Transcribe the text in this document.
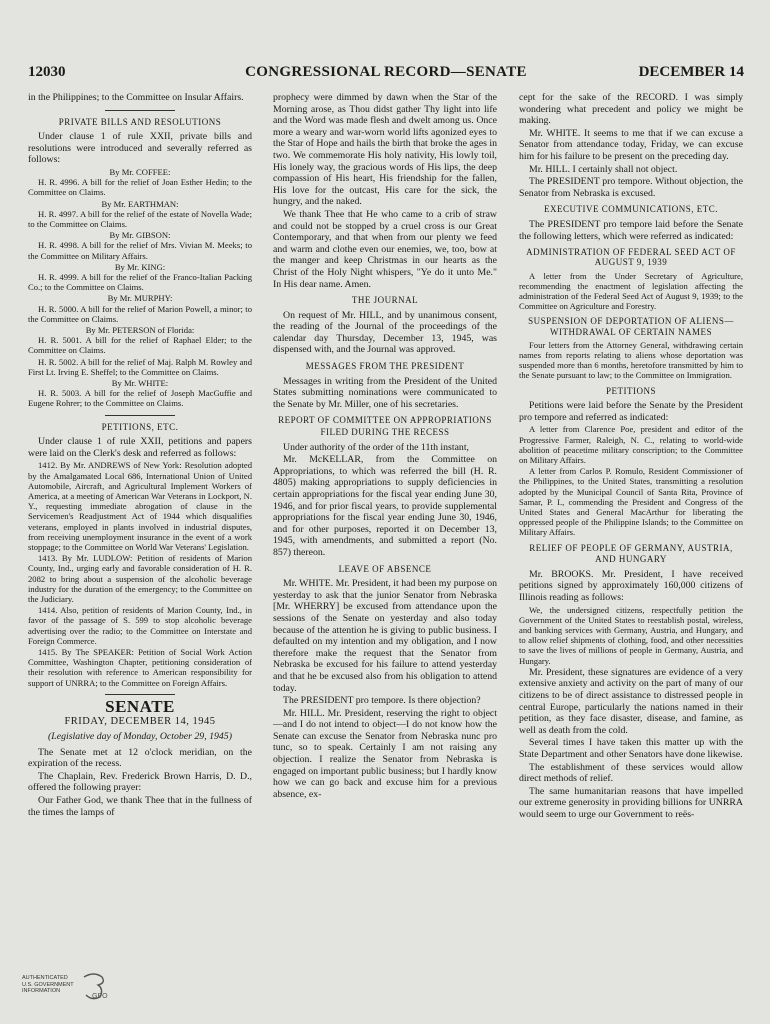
12030	CONGRESSIONAL RECORD—SENATE	DECEMBER 14

in the Philippines; to the Committee on Insular Affairs.

PRIVATE BILLS AND RESOLUTIONS

Under clause 1 of rule XXII, private bills and resolutions were introduced and severally referred as follows:

By Mr. COFFEE:

H. R. 4996. A bill for the relief of Joan Esther Hedin; to the Committee on Claims.

By Mr. EARTHMAN:

H. R. 4997. A bill for the relief of the estate of Novella Wade; to the Committee on Claims.

By Mr. GIBSON:

H. R. 4998. A bill for the relief of Mrs. Vivian M. Meeks; to the Committee on Military Affairs.

By Mr. KING:

H. R. 4999. A bill for the relief of the Franco-Italian Packing Co.; to the Committee on Claims.

By Mr. MURPHY:

H. R. 5000. A bill for the relief of Marion Powell, a minor; to the Committee on Claims.

By Mr. PETERSON of Florida:

H. R. 5001. A bill for the relief of Raphael Elder; to the Committee on Claims.

H. R. 5002. A bill for the relief of Maj. Ralph M. Rowley and First Lt. Irving E. Sheffel; to the Committee on Claims.

By Mr. WHITE:

H. R. 5003. A bill for the relief of Joseph MacGuffie and Eugene Rohrer; to the Committee on Claims.

PETITIONS, ETC.

Under clause 1 of rule XXII, petitions and papers were laid on the Clerk's desk and referred as follows:

1412. By Mr. ANDREWS of New York: Resolution adopted by the Amalgamated Local 686, International Union of United Automobile, Aircraft, and Agricultural Implement Workers of America, at a meeting of American War Veterans in Lockport, N. Y., requesting immediate abrogation of clause in the Servicemen's Readjustment Act of 1944 which disqualifies veterans, employed in plants involved in industrial disputes, from receiving unemployment insurance in the event of a work stoppage; to the Committee on World War Veterans' Legislation.

1413. By Mr. LUDLOW: Petition of residents of Marion County, Ind., urging early and favorable consideration of H. R. 2082 to bring about a suspension of the alcoholic beverage industry for the duration of the emergency; to the Committee on the Judiciary.

1414. Also, petition of residents of Marion County, Ind., in favor of the passage of S. 599 to stop alcoholic beverage advertising over the radio; to the Committee on Interstate and Foreign Commerce.

1415. By The SPEAKER: Petition of Social Work Action Committee, Washington Chapter, petitioning consideration of their resolution with reference to American responsibility for support of UNRRA; to the Committee on Foreign Affairs.

SENATE
FRIDAY, DECEMBER 14, 1945
(Legislative day of Monday, October 29, 1945)

The Senate met at 12 o'clock meridian, on the expiration of the recess.

The Chaplain, Rev. Frederick Brown Harris, D. D., offered the following prayer:

Our Father God, we thank Thee that in the fullness of the times the lamps of

prophecy were dimmed by dawn when the Star of the Morning arose, as Thou didst gather Thy light into life and the Word was made flesh and dwelt among us. Once more a weary and war-worn world lifts agonized eyes to the Star of Hope and hails the birth that broke the ages in two. We commemorate His holy nativity, His lowly toil, His lonely way, the gracious words of His lips, the deep compassion of His heart, His friendship for the fallen, His love for the outcast, His care for the sick, the hungry, and the naked.

We thank Thee that He who came to a crib of straw and could not be stopped by a cruel cross is our Great Contemporary, and that when from our plenty we feed and warm and clothe even our enemies, we, too, bow at the manger and keep Christmas in our hearts as the Christ of the Holy Night whispers, "Ye do it unto Me." In His dear name. Amen.

THE JOURNAL

On request of Mr. HILL, and by unanimous consent, the reading of the Journal of the proceedings of the calendar day Thursday, December 13, 1945, was dispensed with, and the Journal was approved.

MESSAGES FROM THE PRESIDENT

Messages in writing from the President of the United States submitting nominations were communicated to the Senate by Mr. Miller, one of his secretaries.

REPORT OF COMMITTEE ON APPROPRIATIONS FILED DURING THE RECESS

Under authority of the order of the 11th instant,

Mr. McKELLAR, from the Committee on Appropriations, to which was referred the bill (H. R. 4805) making appropriations to supply deficiencies in certain appropriations for the fiscal year ending June 30, 1946, and for prior fiscal years, to provide supplemental appropriations for the fiscal year ending June 30, 1946, and for other purposes, reported it on December 13, 1945, with amendments, and submitted a report (No. 857) thereon.

LEAVE OF ABSENCE

Mr. WHITE. Mr. President, it had been my purpose on yesterday to ask that the junior Senator from Nebraska [Mr. WHERRY] be excused from attendance upon the sessions of the Senate on yesterday and also today because of the attention he is giving to public business. I defaulted on my intention and my obligation, and I now therefore make the request that the Senator from Nebraska be excused for his failure to attend yesterday and that he be excused also from his obligation to attend today.

The PRESIDENT pro tempore. Is there objection?

Mr. HILL. Mr. President, reserving the right to object—and I do not intend to object—I do not know how the Senate can excuse the Senator from Nebraska nunc pro tunc, so to speak. Certainly I am not raising any objection. I realize the Senator from Nebraska is engaged on important public business; but I hardly know how we can go back and excuse him for a previous absence, ex-

cept for the sake of the RECORD. I was simply wondering what precedent and policy we might be making.

Mr. WHITE. It seems to me that if we can excuse a Senator from attendance today, Friday, we can excuse him for his failure to be present on the preceding day.

Mr. HILL. I certainly shall not object.

The PRESIDENT pro tempore. Without objection, the Senator from Nebraska is excused.

EXECUTIVE COMMUNICATIONS, ETC.

The PRESIDENT pro tempore laid before the Senate the following letters, which were referred as indicated:

ADMINISTRATION OF FEDERAL SEED ACT OF AUGUST 9, 1939

A letter from the Under Secretary of Agriculture, recommending the enactment of legislation affecting the administration of the Federal Seed Act of August 9, 1939; to the Committee on Agriculture and Forestry.

SUSPENSION OF DEPORTATION OF ALIENS—WITHDRAWAL OF CERTAIN NAMES

Four letters from the Attorney General, withdrawing certain names from reports relating to aliens whose deportation was suspended more than 6 months, heretofore transmitted by him to the Senate pursuant to law; to the Committee on Immigration.

PETITIONS

Petitions were laid before the Senate by the President pro tempore and referred as indicated:

A letter from Clarence Poe, president and editor of the Progressive Farmer, Raleigh, N. C., relating to world-wide abolition of peacetime military conscription; to the Committee on Military Affairs.

A letter from Carlos P. Romulo, Resident Commissioner of the Philippines, to the United States, transmitting a resolution adopted by the Municipal Council of Santa Rita, Province of Samar, P. I., commending the President and Congress of the United States and General MacArthur for liberating the oppressed people of the Philippine Islands; to the Committee on Military Affairs.

RELIEF OF PEOPLE OF GERMANY, AUSTRIA, AND HUNGARY

Mr. BROOKS. Mr. President, I have received petitions signed by approximately 160,000 citizens of Illinois reading as follows:

We, the undersigned citizens, respectfully petition the Government of the United States to reestablish postal, wireless, and banking services with Germany, Austria, and Hungary, and to allow relief shipments of clothing, food, and other necessities to save the lives of millions of people in Germany, Austria, and Hungary.

Mr. President, these signatures are evidence of a very extensive anxiety and activity on the part of many of our citizens to be of direct assistance to distressed people in central Europe, particularly the nations named in their petition, as they face disaster, disease, and famine, as well as death from the cold.

Several times I have taken this matter up with the State Department and other Senators have done likewise.

The establishment of these services would allow direct methods of relief.

The same humanitarian reasons that have impelled our extreme generosity in providing billions for UNRRA would seem to urge our Government to reës-

AUTHENTICATED
U.S. GOVERNMENT
INFORMATION
GPO
